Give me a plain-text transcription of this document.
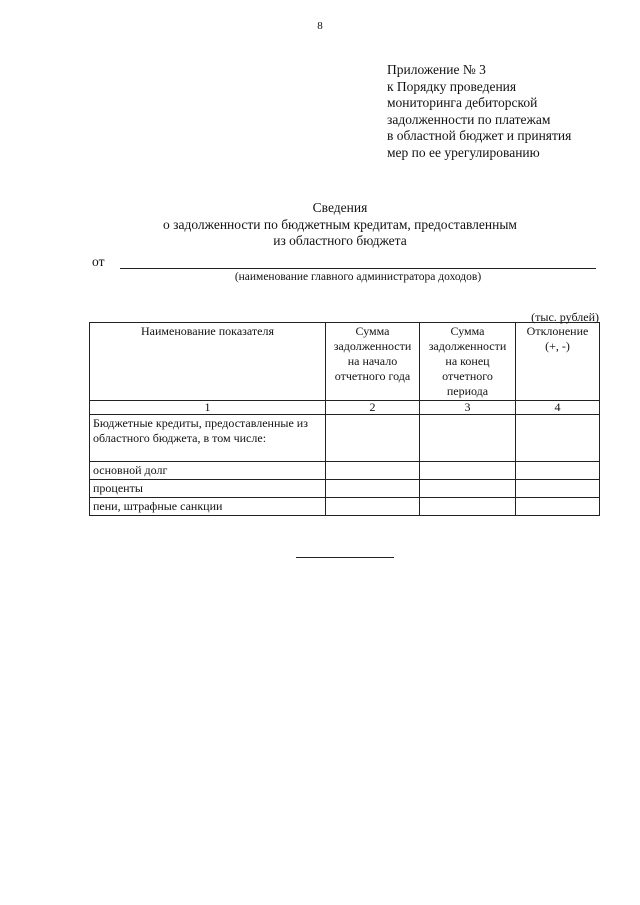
8
Приложение № 3
к Порядку проведения
мониторинга дебиторской
задолженности по платежам
в областной бюджет и принятия
мер по ее урегулированию
Сведения
о задолженности по бюджетным кредитам, предоставленным
из областного бюджета
от
(наименование главного администратора доходов)
(тыс. рублей)
Наименование показателя	Сумма задолженности на начало отчетного года	Сумма задолженности на конец отчетного периода	Отклонение (+, -)
1	2	3	4
Бюджетные кредиты, предоставленные из областного бюджета, в том числе:			
основной долг			
проценты			
пени, штрафные санкции			
